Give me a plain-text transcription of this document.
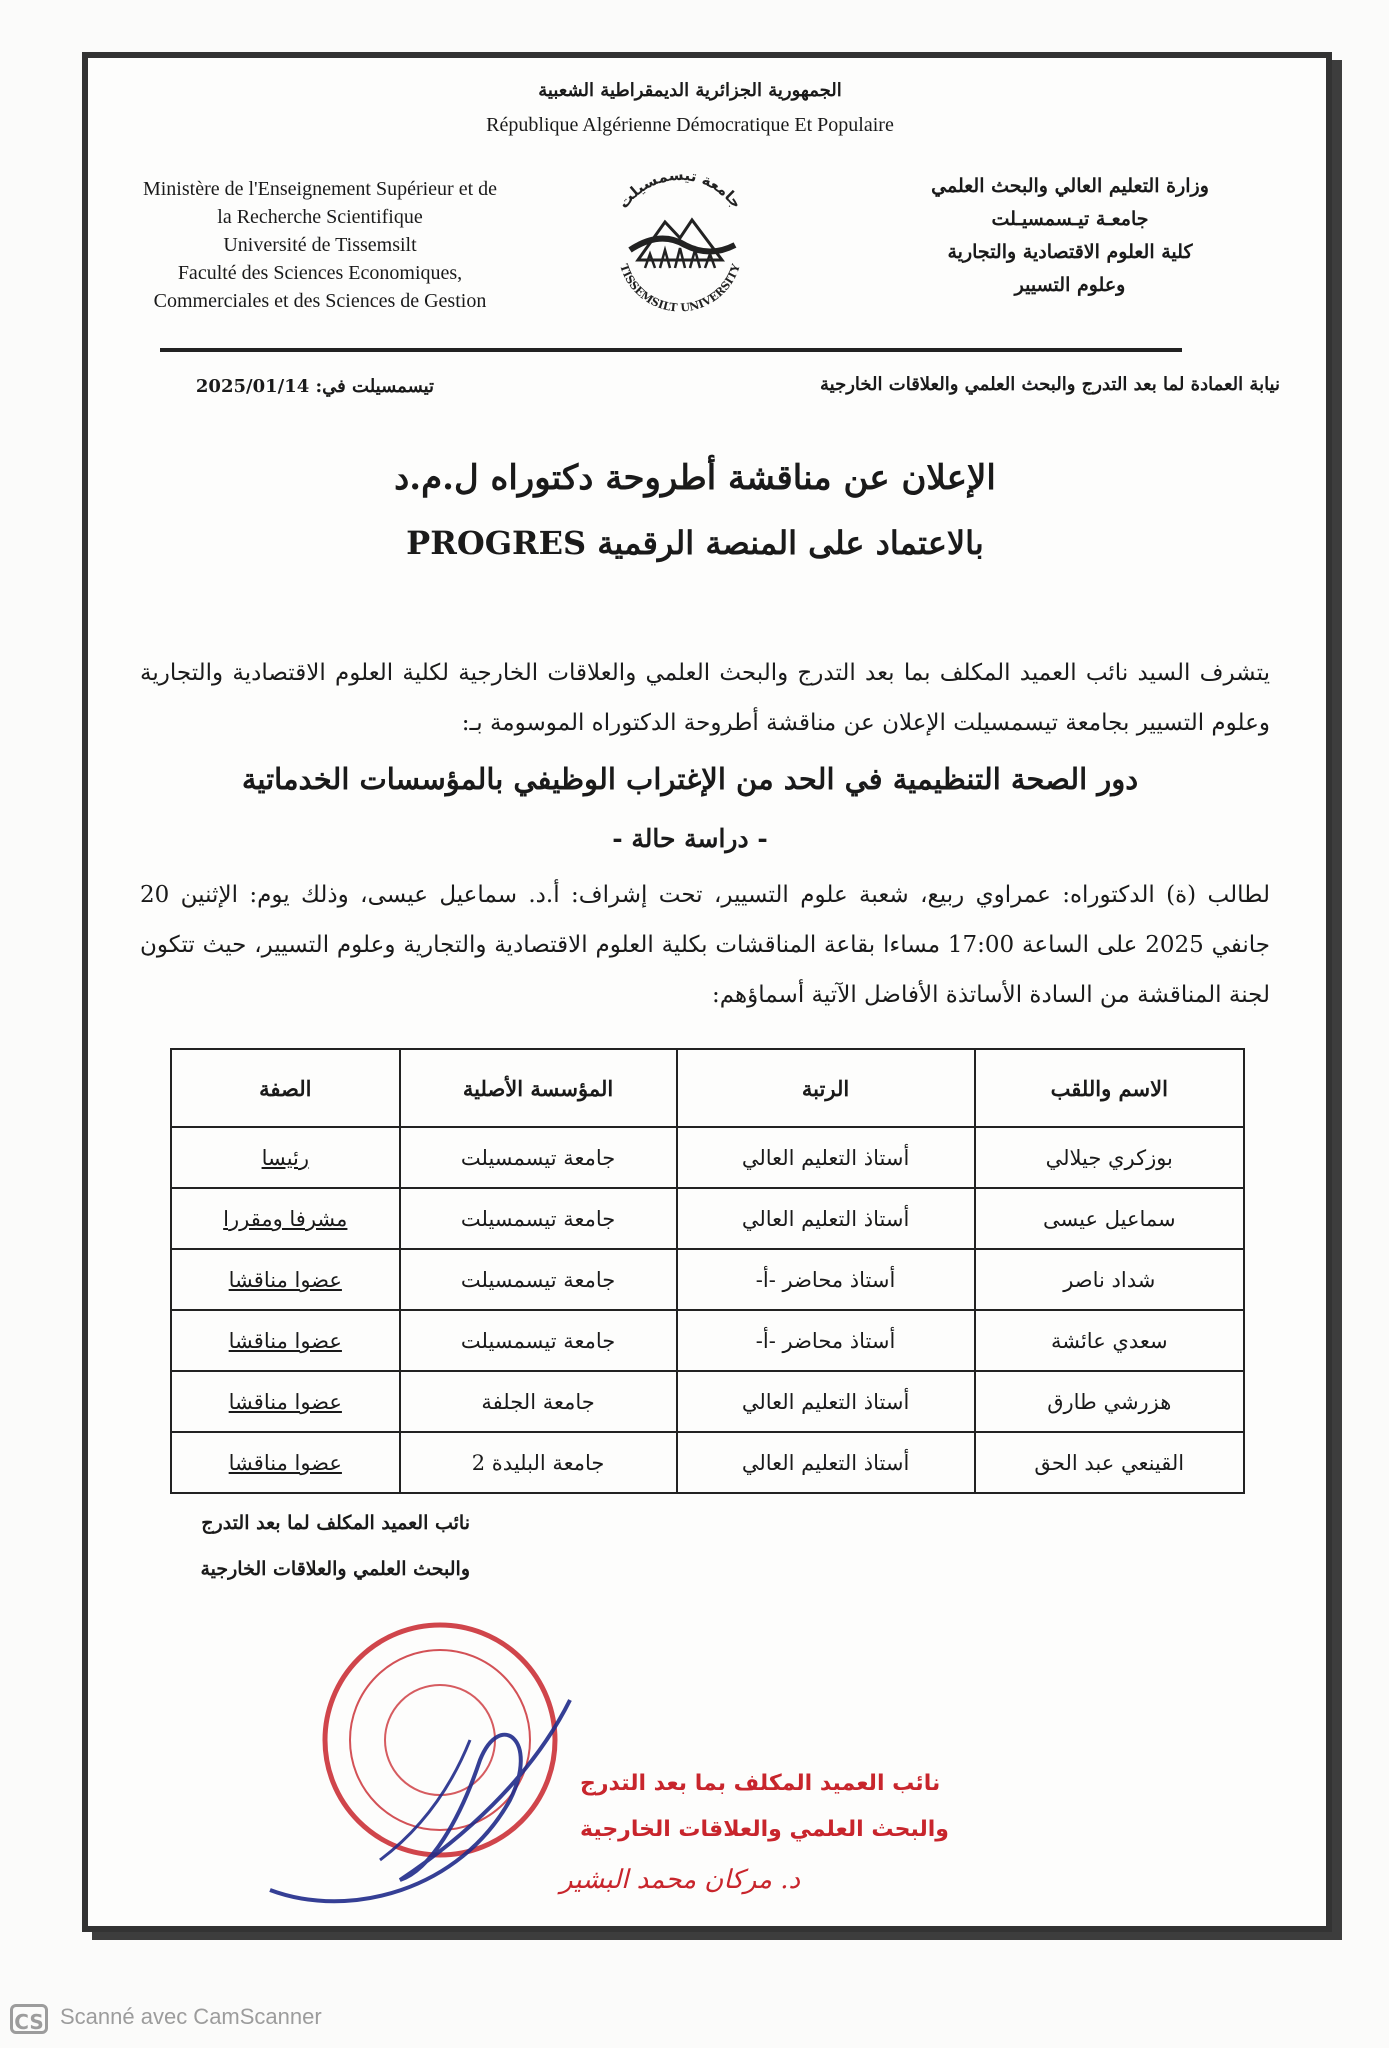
الجمهورية الجزائرية الديمقراطية الشعبية
République Algérienne Démocratique Et Populaire
Ministère de l'Enseignement Supérieur et de
la Recherche Scientifique
Université de Tissemsilt
Faculté des Sciences Economiques,
Commerciales et des Sciences de Gestion
جامعة تيسمسيلت
TISSEMSILT UNIVERSITY
وزارة التعليم العالي والبحث العلمي
جامعـة تيـسمسيـلت
كلية العلوم الاقتصادية والتجارية
وعلوم التسيير
نيابة العمادة لما بعد التدرج والبحث العلمي والعلاقات الخارجية
تيسمسيلت في: 2025/01/14
الإعلان عن مناقشة أطروحة دكتوراه ل.م.د
بالاعتماد على المنصة الرقمية PROGRES
يتشرف السيد نائب العميد المكلف بما بعد التدرج والبحث العلمي والعلاقات الخارجية لكلية العلوم الاقتصادية والتجارية وعلوم التسيير بجامعة تيسمسيلت الإعلان عن مناقشة أطروحة الدكتوراه الموسومة بـ:
دور الصحة التنظيمية في الحد من الإغتراب الوظيفي بالمؤسسات الخدماتية
- دراسة حالة -
لطالب (ة) الدكتوراه: عمراوي ربيع، شعبة علوم التسيير، تحت إشراف: أ.د. سماعيل عيسى، وذلك يوم: الإثنين 20 جانفي 2025 على الساعة 17:00 مساءا بقاعة المناقشات بكلية العلوم الاقتصادية والتجارية وعلوم التسيير، حيث تتكون لجنة المناقشة من السادة الأساتذة الأفاضل الآتية أسماؤهم:
الاسم واللقب	الرتبة	المؤسسة الأصلية	الصفة
بوزكري جيلالي	أستاذ التعليم العالي	جامعة تيسمسيلت	رئيسا
سماعيل عيسى	أستاذ التعليم العالي	جامعة تيسمسيلت	مشرفا ومقررا
شداد ناصر	أستاذ محاضر -أ-	جامعة تيسمسيلت	عضوا مناقشا
سعدي عائشة	أستاذ محاضر -أ-	جامعة تيسمسيلت	عضوا مناقشا
هزرشي طارق	أستاذ التعليم العالي	جامعة الجلفة	عضوا مناقشا
القينعي عبد الحق	أستاذ التعليم العالي	جامعة البليدة 2	عضوا مناقشا
نائب العميد المكلف لما بعد التدرج
والبحث العلمي والعلاقات الخارجية
نائب العميد المكلف بما بعد التدرج
والبحث العلمي والعلاقات الخارجية
د. مركان محمد البشير
CS Scanné avec CamScanner
